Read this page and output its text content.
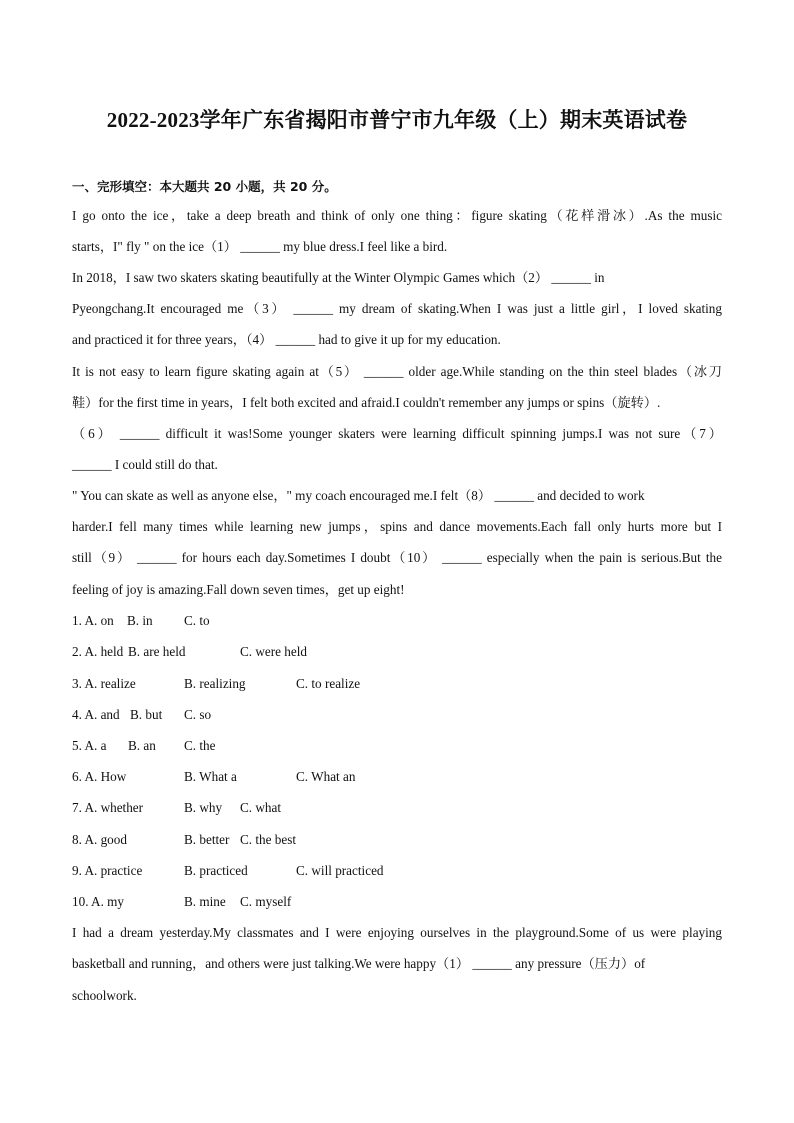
2022-2023学年广东省揭阳市普宁市九年级（上）期末英语试卷
一、完形填空：本大题共 20 小题，共 20 分。
I go onto the ice，take a deep breath and think of only one thing：figure skating（花样滑冰）.As the music
starts，I" fly " on the ice（1） ______ my blue dress.I feel like a bird.
In 2018，I saw two skaters skating beautifully at the Winter Olympic Games which（2） ______ in
Pyeongchang.It encouraged me（3） ______ my dream of skating.When I was just a little girl，I loved skating
and practiced it for three years，（4） ______ had to give it up for my education.
It is not easy to learn figure skating again at（5） ______ older age.While standing on the thin steel blades（冰刀
鞋）for the first time in years，I felt both excited and afraid.I couldn't remember any jumps or spins（旋转）.
（6） ______ difficult it was!Some younger skaters were learning difficult spinning jumps.I was not sure（7）
______ I could still do that.
" You can skate as well as anyone else，" my coach encouraged me.I felt（8） ______ and decided to work
harder.I fell many times while learning new jumps，spins and dance movements.Each fall only hurts more but I
still（9） ______ for hours each day.Sometimes I doubt（10） ______ especially when the pain is serious.But the
feeling of joy is amazing.Fall down seven times，get up eight!
1. A. on B. in C. to
2. A. held B. are held	C. were held
3. A. realize	B. realizing	C. to realize
4. A. and B. but C. so
5. A. a B. an C. the
6. A. How	B. What a	C. What an
7. A. whether	B. why C. what
8. A. good	B. better C. the best
9. A. practice	B. practiced	C. will practiced
10. A. my	B. mine C. myself
I had a dream yesterday.My classmates and I were enjoying ourselves in the playground.Some of us were playing
basketball and running，and others were just talking.We were happy（1） ______ any pressure（压力）of
schoolwork.
